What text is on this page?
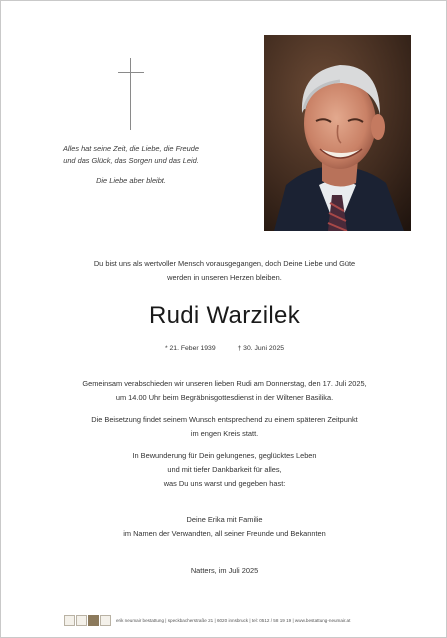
Alles hat seine Zeit, die Liebe, die Freude
und das Glück, das Sorgen und das Leid.
Die Liebe aber bleibt.
Du bist uns als wertvoller Mensch vorausgegangen, doch Deine Liebe und Güte
werden in unseren Herzen bleiben.
Rudi Warzilek
* 21. Feber 1939	† 30. Juni 2025
Gemeinsam verabschieden wir unseren lieben Rudi am Donnerstag, den 17. Juli 2025,
um 14.00 Uhr beim Begräbnisgottesdienst in der Wiltener Basilika.
Die Beisetzung findet seinem Wunsch entsprechend zu einem späteren Zeitpunkt
im engen Kreis statt.
In Bewunderung für Dein gelungenes, geglücktes Leben
und mit tiefer Dankbarkeit für alles,
was Du uns warst und gegeben hast:
Deine Erika mit Familie
im Namen der Verwandten, all seiner Freunde und Bekannten
Natters, im Juli 2025
erik neumair bestattung | speckbacherstraße 21 | 6020 innsbruck | tel: 0512 / 58 19 19 | www.bestattung-neumair.at
